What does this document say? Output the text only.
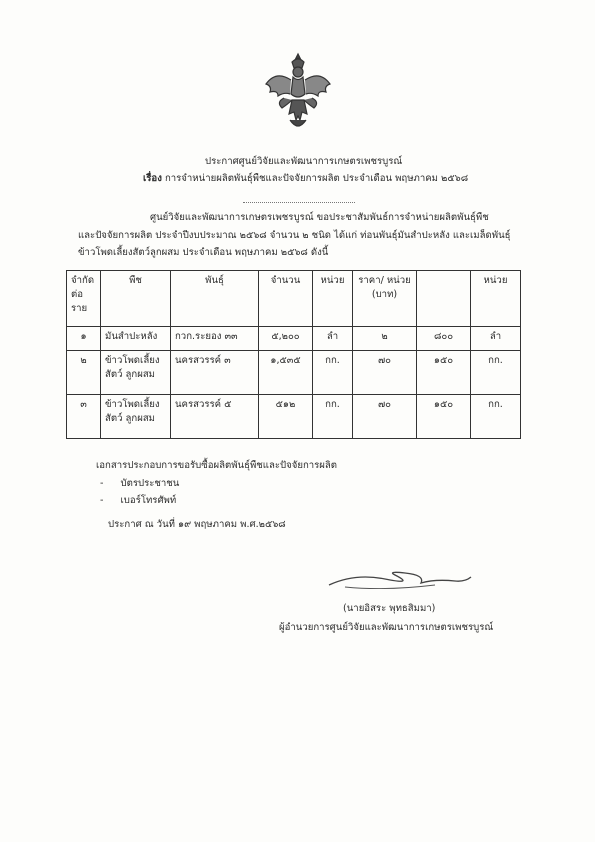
ประกาศศูนย์วิจัยและพัฒนาการเกษตรเพชรบูรณ์
เรื่อง การจำหน่ายผลิตพันธุ์พืชและปัจจัยการผลิต ประจำเดือน พฤษภาคม ๒๕๖๘
ศูนย์วิจัยและพัฒนาการเกษตรเพชรบูรณ์ ขอประชาสัมพันธ์การจำหน่ายผลิตพันธุ์พืช
และปัจจัยการผลิต ประจำปีงบประมาณ ๒๕๖๘ จำนวน ๒ ชนิด ได้แก่ ท่อนพันธุ์มันสำปะหลัง และเมล็ดพันธุ์
ข้าวโพดเลี้ยงสัตว์ลูกผสม ประจำเดือน พฤษภาคม ๒๕๖๘ ดังนี้
จำกัด ต่อ ราย	พืช	พันธุ์	จำนวน	หน่วย	ราคา/ หน่วย (บาท)		หน่วย
๑	มันสำปะหลัง	กวก.ระยอง ๓๓	๕,๒๐๐	ลำ	๒	๘๐๐	ลำ
๒	ข้าวโพดเลี้ยงสัตว์ ลูกผสม	นครสวรรค์ ๓	๑,๕๓๕	กก.	๗๐	๑๕๐	กก.
๓	ข้าวโพดเลี้ยงสัตว์ ลูกผสม	นครสวรรค์ ๕	๕๑๒	กก.	๗๐	๑๕๐	กก.
เอกสารประกอบการขอรับซื้อผลิตพันธุ์พืชและปัจจัยการผลิต
- บัตรประชาชน
- เบอร์โทรศัพท์
ประกาศ ณ วันที่ ๑๙ พฤษภาคม พ.ศ.๒๕๖๘
(นายอิสระ พุทธสิมมา)
ผู้อำนวยการศูนย์วิจัยและพัฒนาการเกษตรเพชรบูรณ์
